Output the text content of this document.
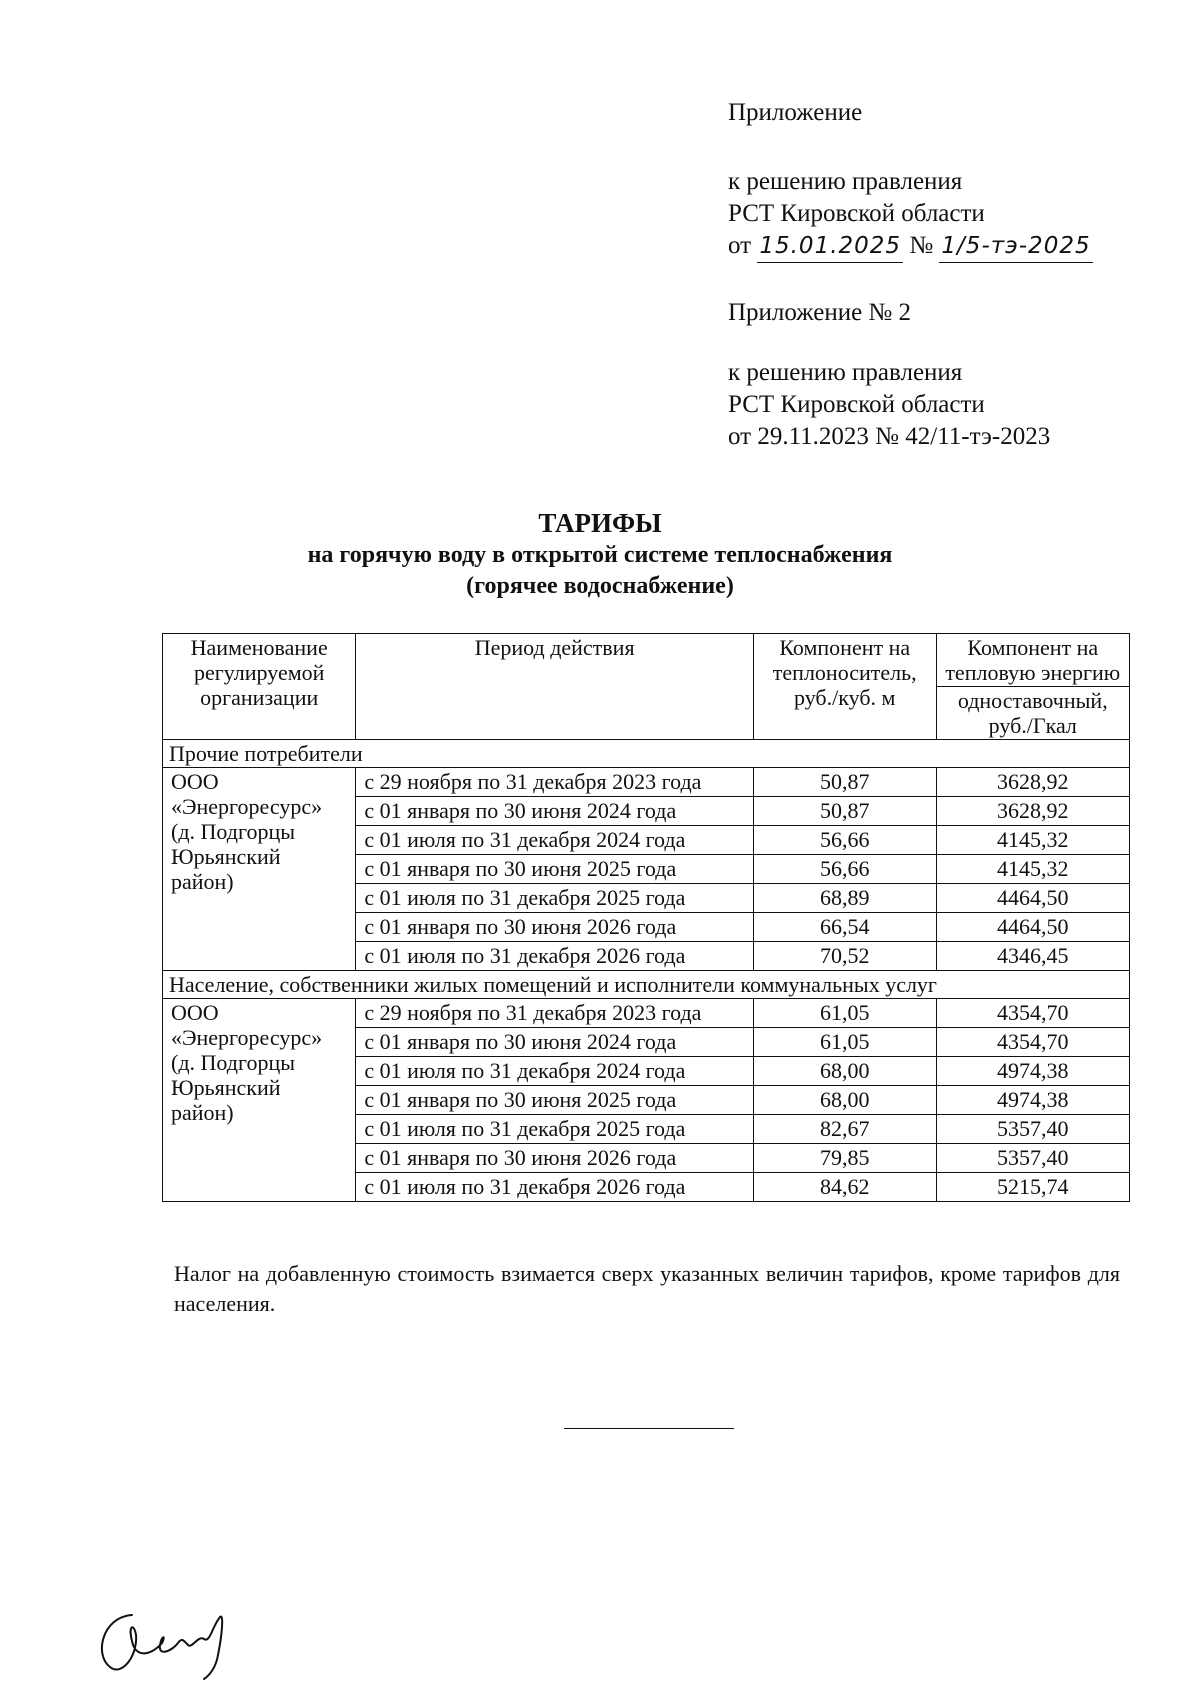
Приложение
к решению правления
РСТ Кировской области
от 15.01.2025 № 1/5-тэ-2025
Приложение № 2
к решению правления
РСТ Кировской области
от 29.11.2023 № 42/11-тэ-2023
ТАРИФЫ
на горячую воду в открытой системе теплоснабжения
(горячее водоснабжение)
Наименование регулируемой организации	Период действия	Компонент на теплоноситель, руб./куб. м	Компонент на тепловую энергию
			одноставочный, руб./Гкал
Прочие потребители			
ООО «Энергоресурс» (д. Подгорцы Юрьянский район)	с 29 ноября по 31 декабря 2023 года	50,87	3628,92
	с 01 января по 30 июня 2024 года	50,87	3628,92
	с 01 июля по 31 декабря 2024 года	56,66	4145,32
	с 01 января по 30 июня 2025 года	56,66	4145,32
	с 01 июля по 31 декабря 2025 года	68,89	4464,50
	с 01 января по 30 июня 2026 года	66,54	4464,50
	с 01 июля по 31 декабря 2026 года	70,52	4346,45
Население, собственники жилых помещений и исполнители коммунальных услуг			
ООО «Энергоресурс» (д. Подгорцы Юрьянский район)	с 29 ноября по 31 декабря 2023 года	61,05	4354,70
	с 01 января по 30 июня 2024 года	61,05	4354,70
	с 01 июля по 31 декабря 2024 года	68,00	4974,38
	с 01 января по 30 июня 2025 года	68,00	4974,38
	с 01 июля по 31 декабря 2025 года	82,67	5357,40
	с 01 января по 30 июня 2026 года	79,85	5357,40
	с 01 июля по 31 декабря 2026 года	84,62	5215,74
Налог на добавленную стоимость взимается сверх указанных величин тарифов, кроме тарифов для населения.
